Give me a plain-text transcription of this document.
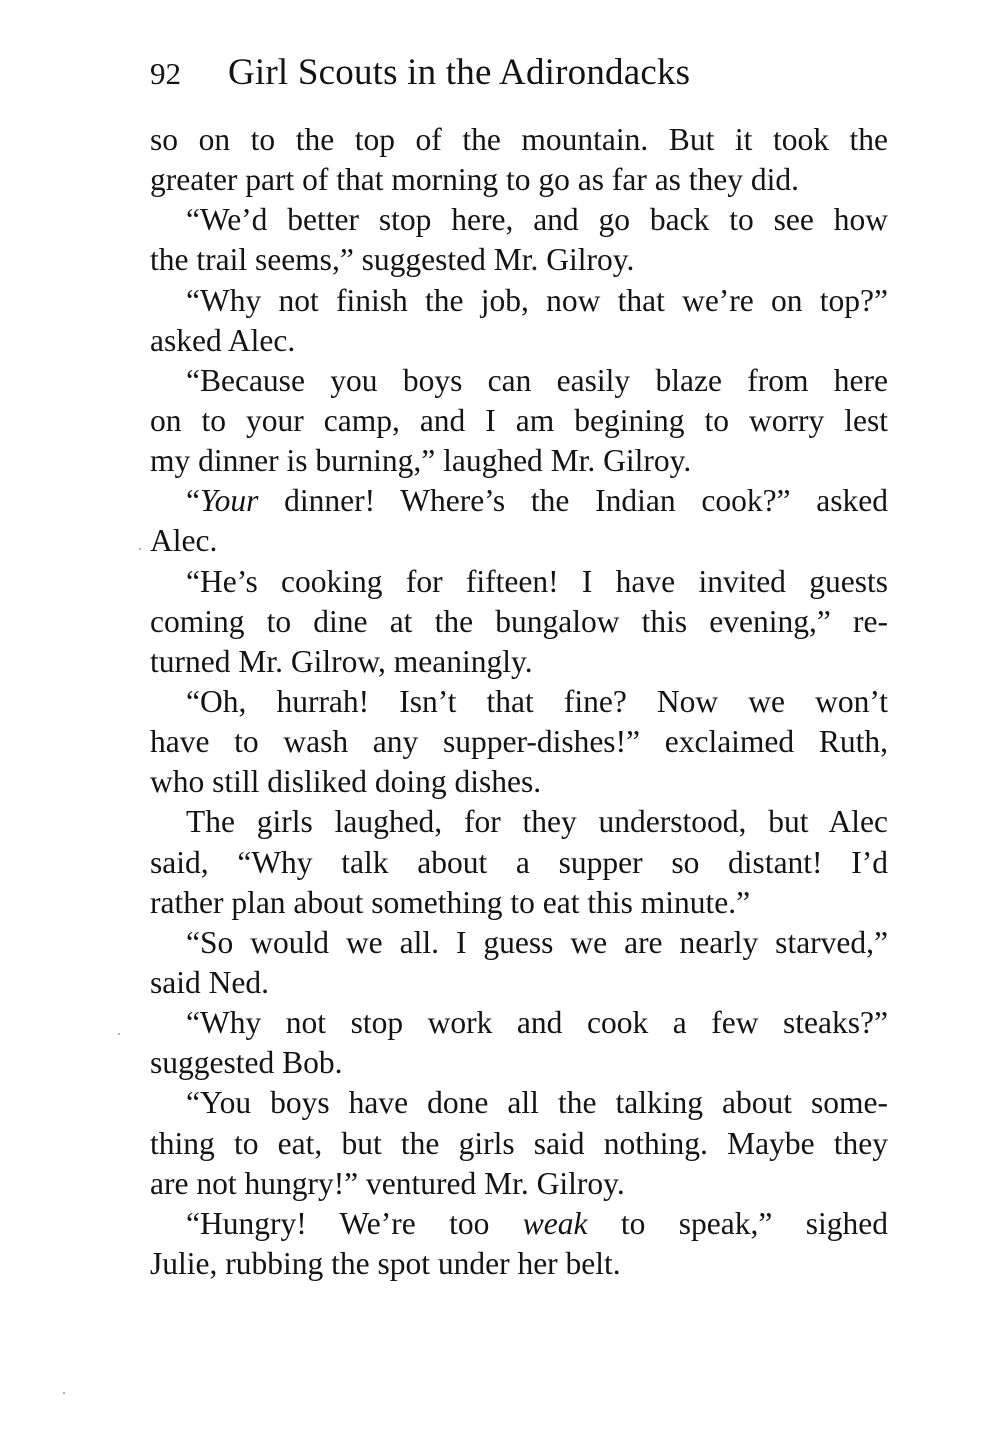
92 Girl Scouts in the Adirondacks
so on to the top of the mountain. But it took the
greater part of that morning to go as far as they did.
“We’d better stop here, and go back to see how
the trail seems,” suggested Mr. Gilroy.
“Why not finish the job, now that we’re on top?”
asked Alec.
“Because you boys can easily blaze from here
on to your camp, and I am begining to worry lest
my dinner is burning,” laughed Mr. Gilroy.
“Your dinner! Where’s the Indian cook?” asked
Alec.
“He’s cooking for fifteen! I have invited guests
coming to dine at the bungalow this evening,” re-
turned Mr. Gilrow, meaningly.
“Oh, hurrah! Isn’t that fine? Now we won’t
have to wash any supper-dishes!” exclaimed Ruth,
who still disliked doing dishes.
The girls laughed, for they understood, but Alec
said, “Why talk about a supper so distant! I’d
rather plan about something to eat this minute.”
“So would we all. I guess we are nearly starved,”
said Ned.
“Why not stop work and cook a few steaks?”
suggested Bob.
“You boys have done all the talking about some-
thing to eat, but the girls said nothing. Maybe they
are not hungry!” ventured Mr. Gilroy.
“Hungry! We’re too weak to speak,” sighed
Julie, rubbing the spot under her belt.
